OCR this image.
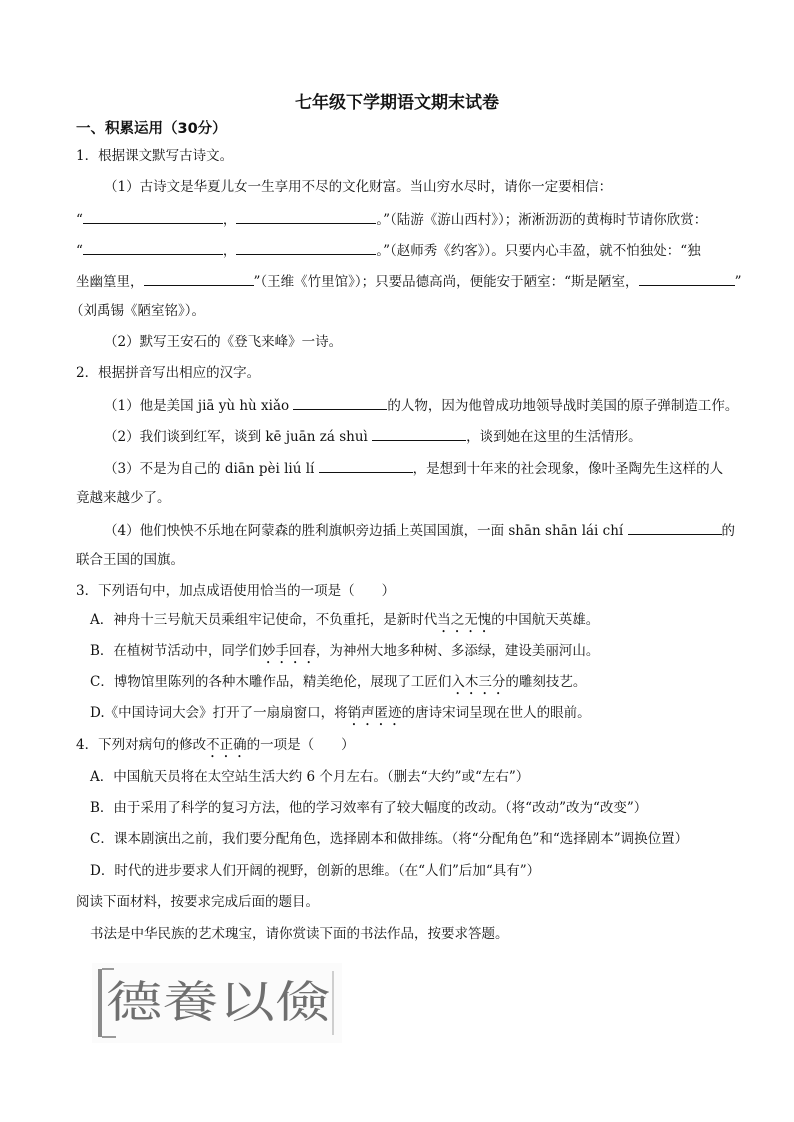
七年级下学期语文期末试卷
一、积累运用（30分）
1．根据课文默写古诗文。
（1）古诗文是华夏儿女一生享用不尽的文化财富。当山穷水尽时，请你一定要相信：
“	，	。”（陆游《游山西村》）；淅淅沥沥的黄梅时节请你欣赏：
“	，	。”（赵师秀《约客》）。只要内心丰盈，就不怕独处：“独
坐幽篁里，	”（王维《竹里馆》）；只要品德高尚，便能安于陋室：“斯是陋室，	”
（刘禹锡《陋室铭》）。
（2）默写王安石的《登飞来峰》一诗。
2．根据拼音写出相应的汉字。
（1）他是美国 jiā yù hù xiǎo	的人物，因为他曾成功地领导战时美国的原子弹制造工作。
（2）我们谈到红军，谈到 kē juān zá shuì	，谈到她在这里的生活情形。
（3）不是为自己的 diān pèi liú lí	，是想到十年来的社会现象，像叶圣陶先生这样的人
竟越来越少了。
（4）他们怏怏不乐地在阿蒙森的胜利旗帜旁边插上英国国旗，一面 shān shān lái chí	的
联合王国的国旗。
3．下列语句中，加点成语使用恰当的一项是（　　）
A．神舟十三号航天员乘组牢记使命，不负重托，是新时代当之无愧的中国航天英雄。
B．在植树节活动中，同学们妙手回春，为神州大地多种树、多添绿，建设美丽河山。
C．博物馆里陈列的各种木雕作品，精美绝伦，展现了工匠们入木三分的雕刻技艺。
D.《中国诗词大会》打开了一扇扇窗口，将销声匿迹的唐诗宋词呈现在世人的眼前。
4．下列对病句的修改不正确的一项是（　　）
A．中国航天员将在太空站生活大约 6 个月左右。（删去“大约”或“左右”）
B．由于采用了科学的复习方法，他的学习效率有了较大幅度的改动。（将“改动”改为“改变”）
C．课本剧演出之前，我们要分配角色，选择剧本和做排练。（将“分配角色”和“选择剧本”调换位置）
D．时代的进步要求人们开阔的视野，创新的思维。（在“人们”后加“具有”）
阅读下面材料，按要求完成后面的题目。
书法是中华民族的艺术瑰宝，请你赏读下面的书法作品，按要求答题。
德養以儉
